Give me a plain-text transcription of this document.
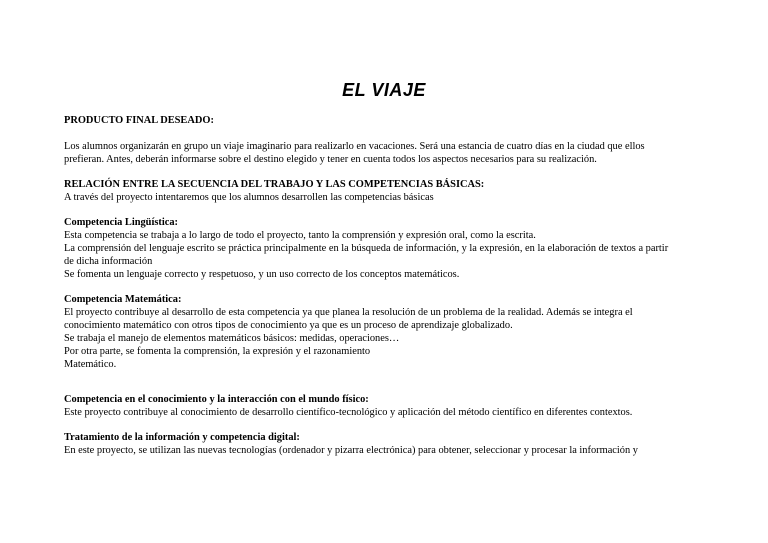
EL VIAJE
PRODUCTO FINAL DESEADO:
Los alumnos organizarán en grupo un viaje imaginario para realizarlo en vacaciones. Será una estancia de cuatro días en la ciudad que ellos
prefieran. Antes, deberán informarse sobre el destino elegido y tener en cuenta todos los aspectos necesarios para su realización.
RELACIÓN ENTRE LA SECUENCIA DEL TRABAJO Y LAS COMPETENCIAS BÁSICAS:
A través del proyecto intentaremos que los alumnos desarrollen las competencias básicas
Competencia Lingüística:
Esta competencia se trabaja a lo largo de todo el proyecto, tanto la comprensión y expresión oral, como la escrita.
La comprensión del lenguaje escrito se práctica principalmente en la búsqueda de información, y la expresión, en la elaboración de textos a partir
de dicha información
Se fomenta un lenguaje correcto y respetuoso, y un uso correcto de los conceptos matemáticos.
Competencia Matemática:
El proyecto contribuye al desarrollo de esta competencia ya que planea la resolución de un problema de la realidad. Además se integra el
conocimiento matemático con otros tipos de conocimiento ya que es un proceso de aprendizaje globalizado.
Se trabaja el manejo de elementos matemáticos básicos: medidas, operaciones…
Por otra parte, se fomenta la comprensión, la expresión y el razonamiento
Matemático.
Competencia en el conocimiento y la interacción con el mundo físico:
Este proyecto contribuye al conocimiento de desarrollo científico-tecnológico y aplicación del método científico en diferentes contextos.
Tratamiento de la información y competencia digital:
En este proyecto, se utilizan las nuevas tecnologías (ordenador y pizarra electrónica) para obtener, seleccionar y procesar la información y
